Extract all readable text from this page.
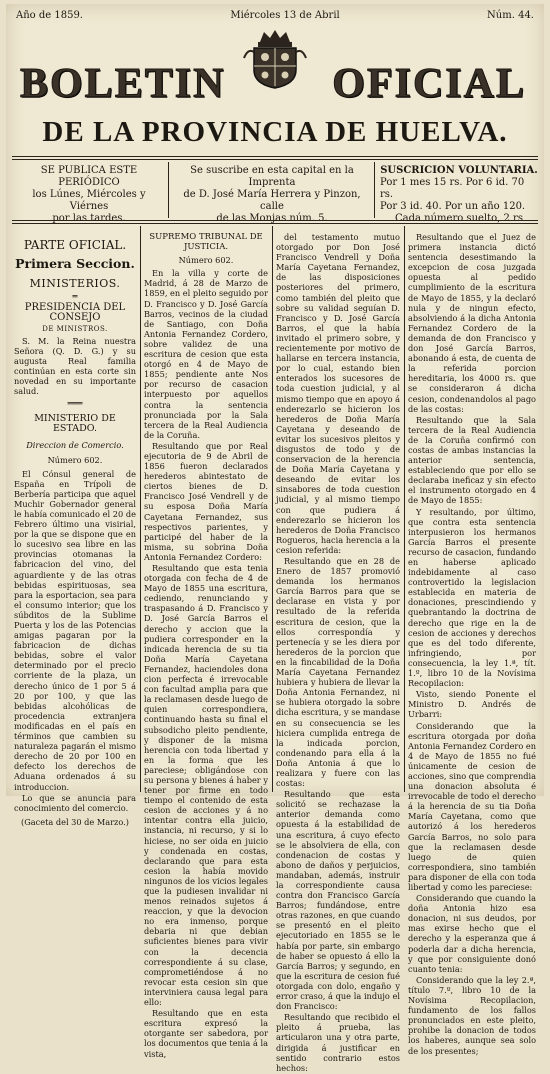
Año de 1859.	Miércoles 13 de Abril	Núm. 44.
BOLETIN	OFICIAL
DE LA PROVINCIA DE HUELVA.
SE PUBLICA ESTE PERIÓDICO
los Lúnes, Miércoles y Viérnes
por las tardes.
Se suscribe en esta capital en la Imprenta
de D. José María Herrera y Pinzon, calle
de las Monjas núm. 5.
SUSCRICION VOLUNTARIA.
Por 1 mes 15 rs. Por 6 id. 70 rs.
Por 3 id. 40. Por un año 120.
Cada número suelto, 2 rs

PARTE OFICIAL.

Primera Seccion.

MINISTERIOS.

═

PRESIDENCIA DEL CONSEJO

DE MINISTROS.

S. M. la Reina nuestra Señora (Q. D. G.) y su augusta Real familia continúan en esta corte sin novedad en su importante salud.

═══

MINISTERIO DE ESTADO.

Direccion de Comercio.

Número 602.

El Cónsul general de España en Trípoli de Berbería participa que aquel Muchir Gobernador general le había comunicado el 20 de Febrero último una visirial, por la que se dispone que en lo sucesivo sea libre en las provincias otomanas la fabricacion del vino, del aguardiente y de las otras bebidas espirituosas, sea para la esportacion, sea para el consumo interior; que los súbditos de la Sublime Puerta y los de las Potencias amigas pagaran por la fabricacion de dichas bebidas, sobre el valor determinado por el precio corriente de la plaza, un derecho único de 1 por 5 á 20 por 100, y que las bebidas alcohólicas de procedencia extranjera modificadas en el país en términos que cambien su naturaleza pagarán el mismo derecho de 20 por 100 en defecto los derechos de Aduana ordenados á su introduccion.

Lo que se anuncia para conocimiento del comercio.

(Gaceta del 30 de Marzo.)

SUPREMO TRIBUNAL DE JUSTICIA.

Número 602.

En la villa y corte de Madrid, á 28 de Marzo de 1859, en el pleito seguido por D. Francisco y D. José García Barros, vecinos de la ciudad de Santiago, con Doña Antonia Fernandez Cordero, sobre validez de una escritura de cesion que esta otorgó en 4 de Mayo de 1855; pendiente ante Nos por recurso de casacion interpuesto por aquellos contra la sentencia pronunciada por la Sala tercera de la Real Audiencia de la Coruña.

Resultando que por Real ejecutoria de 9 de Abril de 1856 fueron declarados herederos abintestato de ciertos bienes de D. Francisco José Vendrell y de su esposa Doña María Cayetana Fernandez, sus respectivos parientes, y participé del haber de la misma, su sobrina Doña Antonia Fernandez Cordero:

Resultando que esta tenia otorgada con fecha de 4 de Mayo de 1855 una escritura, cediendo, renunciando y traspasando á D. Francisco y D. José García Barros el derecho y accion que la pudiera corresponder en la indicada herencia de su tia Doña María Cayetana Fernandez, haciendoles dona cion perfecta é irrevocable con facultad amplia para que la reclamasen desde luego de quien correspondiera, continuando hasta su final el subsodicho pleito pendiente, y disponer de la misma herencia con toda libertad y en la forma que les pareciese; obligándose con su persona y bienes á haber y tener por firme en todo tiempo el contenido de esta cesion de acciones y á no intentar contra ella juicio, instancia, ni recurso, y si lo hiciese, no ser oida en juicio y condenada en costas, declarando que para esta cesion la había movido ningunos de los vicios legales que la pudiesen invalidar ni menos reinados sujetos á reaccion, y que la devocion no era inmenso, porque debaria ni que debian suficientes bienes para vivir con la decencia correspondiente á su clase, comprometiéndose á no revocar esta cesion sin que interviniera causa legal para ello:

Resultando que en esta escritura expresó la otorgante ser sabedora, por los documentos que tenia á la vista,

del testamento mutuo otorgado por Don José Francisco Vendrell y Doña María Cayetana Fernandez, de las disposiciones posteriores del primero, como también del pleito que sobre su validad seguían D. Francisco y D. José García Barros, el que la había invitado el primero sobre, y recientemente por motivo de hallarse en tercera instancia, por lo cual, estando bien enterados los sucesores de toda cuestion judicial, y al mismo tiempo que en apoyo á enderezarlo se hicieron los herederos de Doña María Cayetana y deseando de evitar los sucesivos pleitos y disgustos de todo y de conservacion de la herencia de Doña María Cayetana y deseando de evitar los sinsabores de toda cuestion judicial, y al mismo tiempo con que pudiera á enderezarlo se hicieron los herederos de Doña Francisco Rogueros, hacia herencia a la cesion referida:

Resultando que en 28 de Enero de 1857 promovió demanda los hermanos García Barros para que se declarase en vista y por resultado de la referida escritura de cesion, que la ellos correspondía y pertenecía y se les diera por herederos de la porcion que en la fincabilidad de la Doña María Cayetana Fernandez hubiera y hubiera de llevar la Doña Antonia Fernandez, ni se hubiera otorgado la sobre dicha escritura, y se mandase en su consecuencia se les hiciera cumplida entrega de la indicada porcion, condenando para ella á la Doña Antonia á que lo realizara y fuere con las costas:

Resultando que esta solicitó se rechazase la anterior demanda como opuesta á la estabilidad de una escritura, á cuyo efecto se le absolviera de ella, con condenacion de costas y abono de daños y perjuicios, mandaban, además, instruir la correspondiente causa contra don Francisco García Barros; fundándose, entre otras razones, en que cuando se presentó en el pleito ejecutoriado en 1855 se le había por parte, sin embargo de haber se opuesto á ello la García Barros; y segundo, en que la escritura de cesion fué otorgada con dolo, engaño y error craso, á que la indujo el don Francisco:

Resultando que recibido el pleito á prueba, las articularon una y otra parte, dirigida á justificar en sentido contrario estos hechos:

Resultando que el Juez de primera instancia dictó sentencia desestimando la excepcion de cosa juzgada opuesta al pedido cumplimiento de la escritura de Mayo de 1855, y la declaró nula y de ningun efecto, absolviendo á la dicha Antonia Fernandez Cordero de la demanda de don Francisco y don José García Barros, abonando á esta, de cuenta de la referida porcion hereditaria, los 4000 rs. que se consideraron á dicha cesion, condenandolos al pago de las costas:

Resultando que la Sala tercera de la Real Audiencia de la Coruña confirmó con costas de ambas instancias la anterior sentencia, estableciendo que por ello se declaraba ineficaz y sin efecto el instrumento otorgado en 4 de Mayo de 1855:

Y resultando, por último, que contra esta sentencia interpusieron los hermanos García Barros el presente recurso de casacion, fundando en haberse aplicado indebidamente al caso controvertido la legislacion establecida en materia de donaciones, prescindiendo y quebrantando la doctrina de derecho que rige en la de cesion de acciones y derechos que es del todo diferente, infringiendo, por consecuencia, la ley 1.ª, tít. 1.º, libro 10 de la Novísima Recopilacion:

Visto, siendo Ponente el Ministro D. Andrés de Urbarri:

Considerando que la escritura otorgada por doña Antonia Fernandez Cordero en 4 de Mayo de 1855 no fué únicamente de cesion de acciones, sino que comprendia una donacion absoluta é irrevocable de todo el derecho á la herencia de su tia Doña María Cayetana, como que autorizó á los herederos García Barros, no solo para que la reclamasen desde luego de quien correspondiera, sino también para disponer de ella con toda libertad y como les pareciese:

Considerando que cuando la doña Antonia hizo esa donacion, ni sus deudos, por mas exirse hecho que el derecho y la esperanza que á poderla dar a dicha herencia, y que por consiguiente donó cuanto tenia:

Considerando que la ley 2.ª, título 7.º, libro 10 de la Novísima Recopilacion, fundamento de los fallos pronunciados en este pleito, prohibe la donacion de todos los haberes, aunque sea solo de los presentes;
